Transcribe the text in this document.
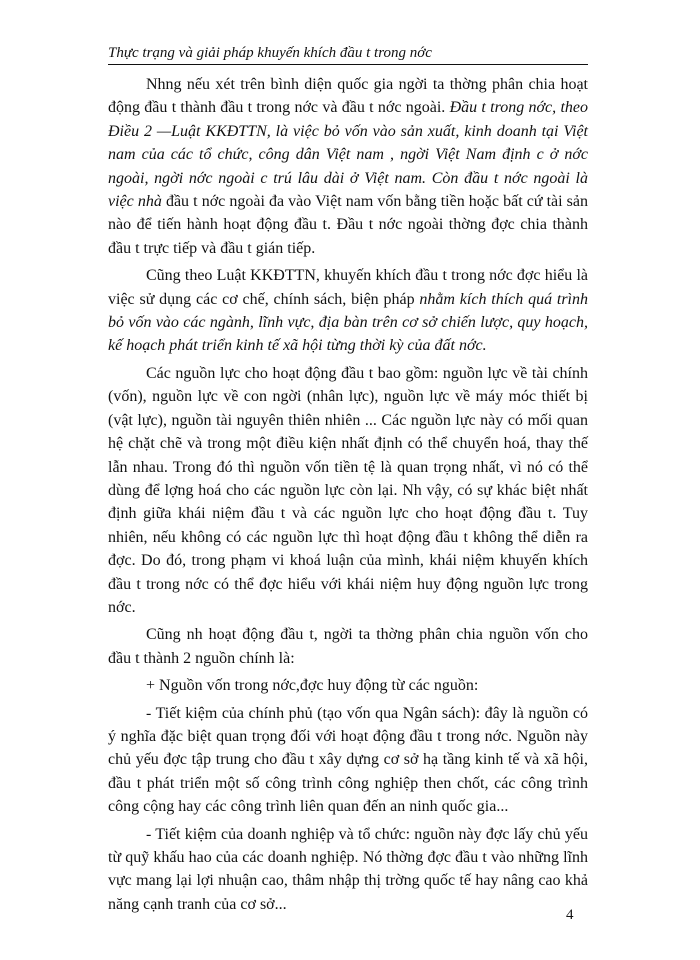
Thực trạng và giải pháp khuyến khích đầu t trong nớc

Nhng nếu xét trên bình diện quốc gia ngời ta thờng phân chia hoạt động đầu t thành đầu t trong nớc và đầu t nớc ngoài. Đầu t trong nớc, theo Điều 2 —Luật KKĐTTN, là việc bỏ vốn vào sản xuất, kinh doanh tại Việt nam của các tổ chức, công dân Việt nam , ngời Việt Nam định c ở nớc ngoài, ngời nớc ngoài c trú lâu dài ở Việt nam. Còn đầu t nớc ngoài là việc nhà đầu t nớc ngoài đa vào Việt nam vốn bằng tiền hoặc bất cứ tài sản nào để tiến hành hoạt động đầu t. Đầu t nớc ngoài thờng đợc chia thành đầu t trực tiếp và đầu t gián tiếp.

Cũng theo Luật KKĐTTN, khuyến khích đầu t trong nớc đợc hiểu là việc sử dụng các cơ chế, chính sách, biện pháp nhằm kích thích quá trình bỏ vốn vào các ngành, lĩnh vực, địa bàn trên cơ sở chiến lược, quy hoạch, kế hoạch phát triển kinh tế xã hội từng thời kỳ của đất nớc.

Các nguồn lực cho hoạt động đầu t bao gồm: nguồn lực về tài chính (vốn), nguồn lực về con ngời (nhân lực), nguồn lực về máy móc thiết bị (vật lực), nguồn tài nguyên thiên nhiên ... Các nguồn lực này có mối quan hệ chặt chẽ và trong một điều kiện nhất định có thể chuyển hoá, thay thế lẫn nhau. Trong đó thì nguồn vốn tiền tệ là quan trọng nhất, vì nó có thể dùng để lợng hoá cho các nguồn lực còn lại. Nh vậy, có sự khác biệt nhất định giữa khái niệm đầu t và các nguồn lực cho hoạt động đầu t. Tuy nhiên, nếu không có các nguồn lực thì hoạt động đầu t không thể diễn ra đợc. Do đó, trong phạm vi khoá luận của mình, khái niệm khuyến khích đầu t trong nớc có thể đợc hiểu với khái niệm huy động nguồn lực trong nớc.

Cũng nh hoạt động đầu t, ngời ta thờng phân chia nguồn vốn cho đầu t thành 2 nguồn chính là:

+ Nguồn vốn trong nớc,đợc huy động từ các nguồn:

- Tiết kiệm của chính phủ (tạo vốn qua Ngân sách): đây là nguồn có ý nghĩa đặc biệt quan trọng đối với hoạt động đầu t trong nớc. Nguồn này chủ yếu đợc tập trung cho đầu t xây dựng cơ sở hạ tầng kinh tế và xã hội, đầu t phát triển một số công trình công nghiệp then chốt, các công trình công cộng hay các công trình liên quan đến an ninh quốc gia...

- Tiết kiệm của doanh nghiệp và tổ chức: nguồn này đợc lấy chủ yếu từ quỹ khấu hao của các doanh nghiệp. Nó thờng đợc đầu t vào những lĩnh vực mang lại lợi nhuận cao, thâm nhập thị trờng quốc tế hay nâng cao khả năng cạnh tranh của cơ sở...

4
